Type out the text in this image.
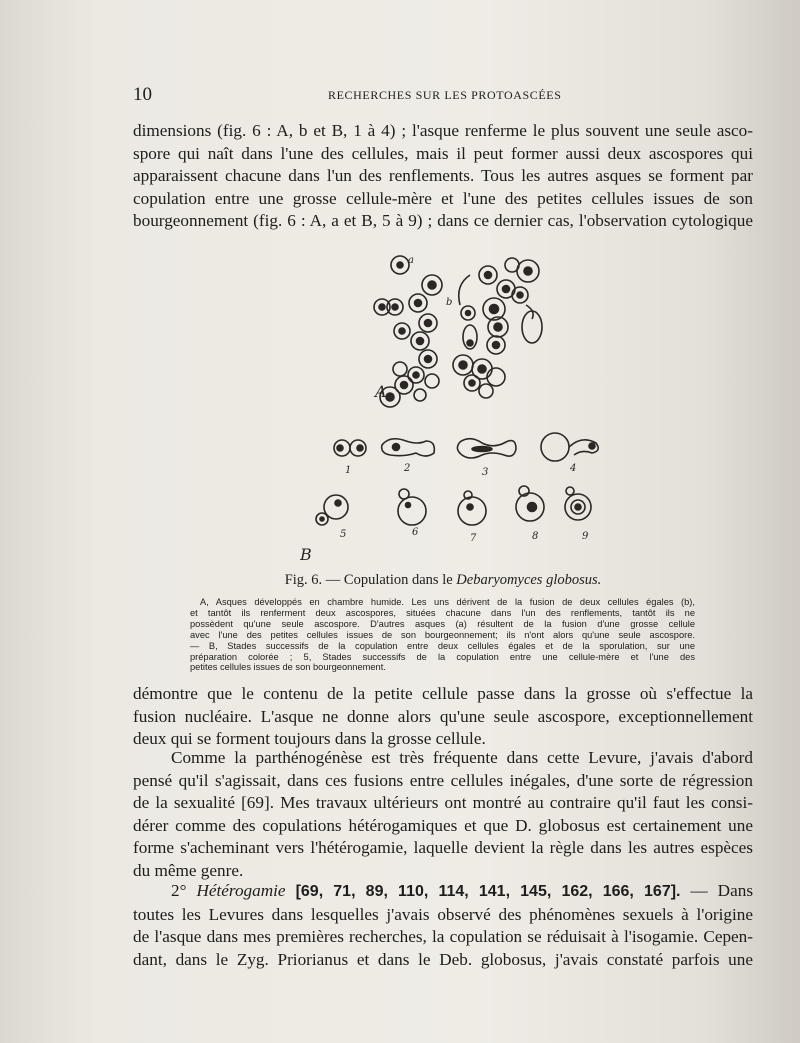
10	RECHERCHES SUR LES PROTOASCÉES
dimensions (fig. 6 : A, b et B, 1 à 4) ; l'asque renferme le plus souvent une seule asco-
spore qui naît dans l'une des cellules, mais il peut former aussi deux ascospores qui
apparaissent chacune dans l'un des renflements. Tous les autres asques se forment par
copulation entre une grosse cellule-mère et l'une des petites cellules issues de son
bourgeonnement (fig. 6 : A, a et B, 5 à 9) ; dans ce dernier cas, l'observation cytologique
A
B
a
b
1	2	3	4
5	6
7	8	9
Fig. 6. — Copulation dans le Debaryomyces globosus.
A, Asques développés en chambre humide. Les uns dérivent de la fusion de deux cellules égales (b),
et tantôt ils renferment deux ascospores, situées chacune dans l'un des renflements, tantôt ils ne
possèdent qu'une seule ascospore. D'autres asques (a) résultent de la fusion d'une grosse cellule
avec l'une des petites cellules issues de son bourgeonnement; ils n'ont alors qu'une seule ascospore.
— B, Stades successifs de la copulation entre deux cellules égales et de la sporulation, sur une
préparation colorée ; 5, Stades successifs de la copulation entre une cellule-mère et l'une des
petites cellules issues de son bourgeonnement.
démontre que le contenu de la petite cellule passe dans la grosse où s'effectue la
fusion nucléaire. L'asque ne donne alors qu'une seule ascospore, exceptionnellement
deux qui se forment toujours dans la grosse cellule.
Comme la parthénogénèse est très fréquente dans cette Levure, j'avais d'abord
pensé qu'il s'agissait, dans ces fusions entre cellules inégales, d'une sorte de régression
de la sexualité [69]. Mes travaux ultérieurs ont montré au contraire qu'il faut les consi-
dérer comme des copulations hétérogamiques et que D. globosus est certainement une
forme s'acheminant vers l'hétérogamie, laquelle devient la règle dans les autres espèces
du même genre.
2° Hétérogamie [69, 71, 89, 110, 114, 141, 145, 162, 166, 167]. — Dans
toutes les Levures dans lesquelles j'avais observé des phénomènes sexuels à l'origine
de l'asque dans mes premières recherches, la copulation se réduisait à l'isogamie. Cepen-
dant, dans le Zyg. Priorianus et dans le Deb. globosus, j'avais constaté parfois une
